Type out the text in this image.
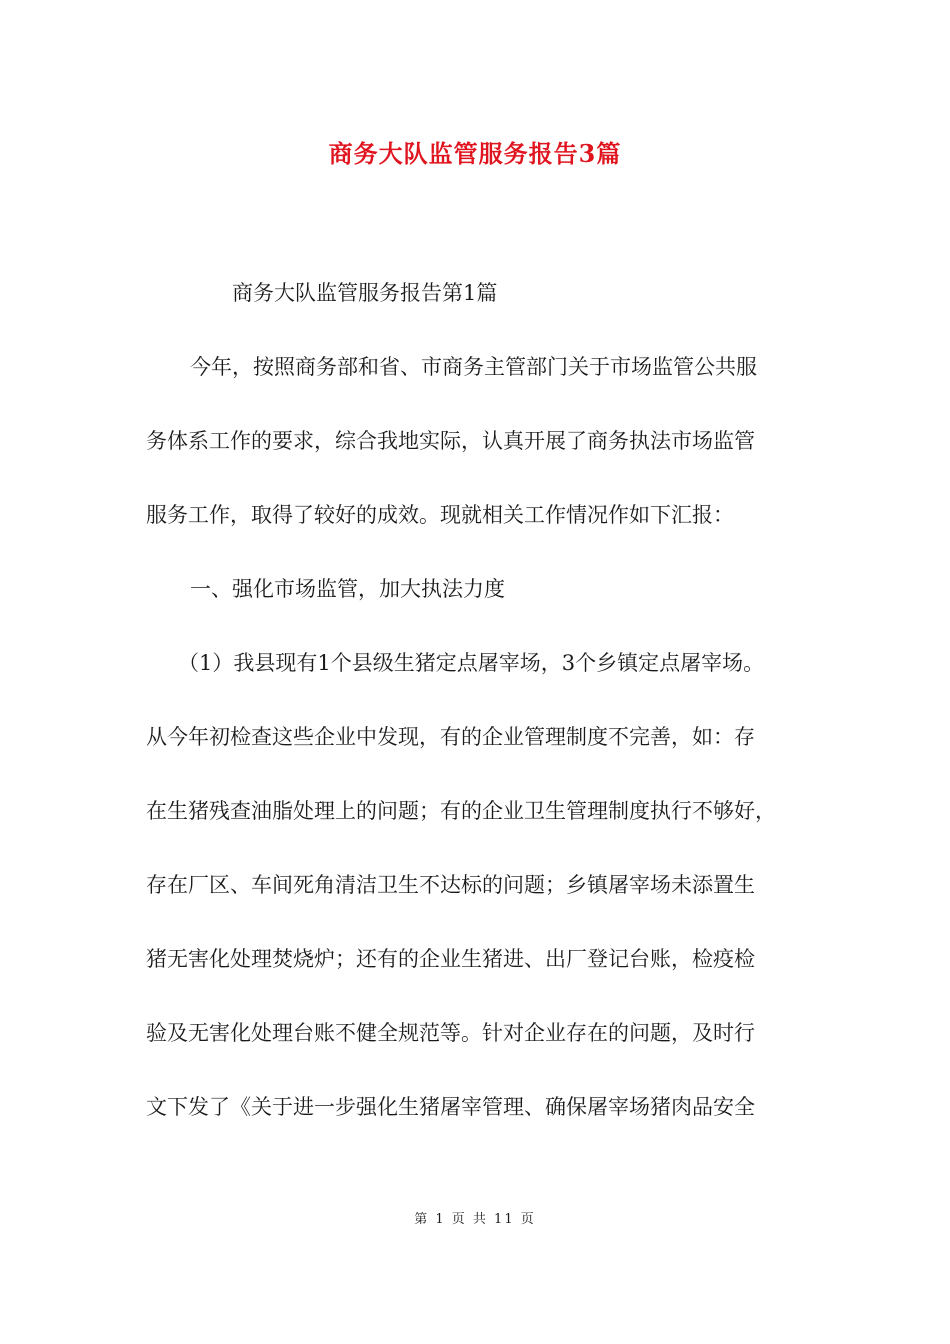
商务大队监管服务报告3篇
商务大队监管服务报告第1篇
今年，按照商务部和省、市商务主管部门关于市场监管公共服
务体系工作的要求，综合我地实际，认真开展了商务执法市场监管
服务工作，取得了较好的成效。现就相关工作情况作如下汇报：
一、强化市场监管，加大执法力度
（1）我县现有1个县级生猪定点屠宰场，3个乡镇定点屠宰场。
从今年初检查这些企业中发现，有的企业管理制度不完善，如：存
在生猪残查油脂处理上的问题；有的企业卫生管理制度执行不够好，
存在厂区、车间死角清洁卫生不达标的问题；乡镇屠宰场未添置生
猪无害化处理焚烧炉；还有的企业生猪进、出厂登记台账，检疫检
验及无害化处理台账不健全规范等。针对企业存在的问题，及时行
文下发了《关于进一步强化生猪屠宰管理、确保屠宰场猪肉品安全
第 1 页 共 11 页
